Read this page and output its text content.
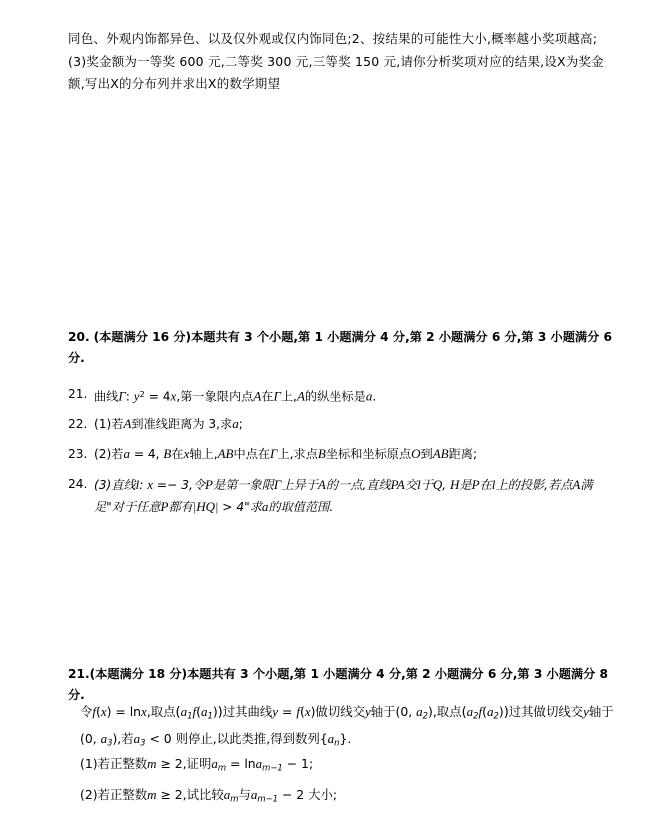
同色、外观内饰都异色、以及仅外观或仅内饰同色;2、按结果的可能性大小,概率越小奖项越高;(3)奖金额为一等奖 600 元,二等奖 300 元,三等奖 150 元,请你分析奖项对应的结果,设X为奖金额,写出X的分布列并求出X的数学期望
20. (本题满分 16 分)本题共有 3 个小题,第 1 小题满分 4 分,第 2 小题满分 6 分,第 3 小题满分 6 分.
21. 曲线Γ: $y^2 = 4x$,第一象限内点A在Γ上,A的纵坐标是a.
22. (1)若A到准线距离为 3,求a;
23. (2)若a = 4, B在x轴上,AB中点在Γ上,求点B坐标和坐标原点O到AB距离;
24. (3)直线l: x =− 3,令P是第一象限Γ上异于A的一点,直线PA交l于Q, H是P在l上的投影,若点A满足"对于任意P都有|HQ| > 4"求a的取值范围.
21.(本题满分 18 分)本题共有 3 个小题,第 1 小题满分 4 分,第 2 小题满分 6 分,第 3 小题满分 8 分.
令f(x) = lnx,取点$(a_1f(a_1))$过其曲线y = f(x)做切线交y轴于(0, $a_2$),取点$(a_2f(a_2))$过其做切线交y轴于(0, $a_3$),若$a_3 < 0$ 则停止,以此类推,得到数列$\{a_n\}$.
(1)若正整数m ≥ 2,证明$a_m = \ln a_{m-1} - 1$;
(2)若正整数m ≥ 2,试比较$a_m$与$a_{m-1} - 2$ 大小;
